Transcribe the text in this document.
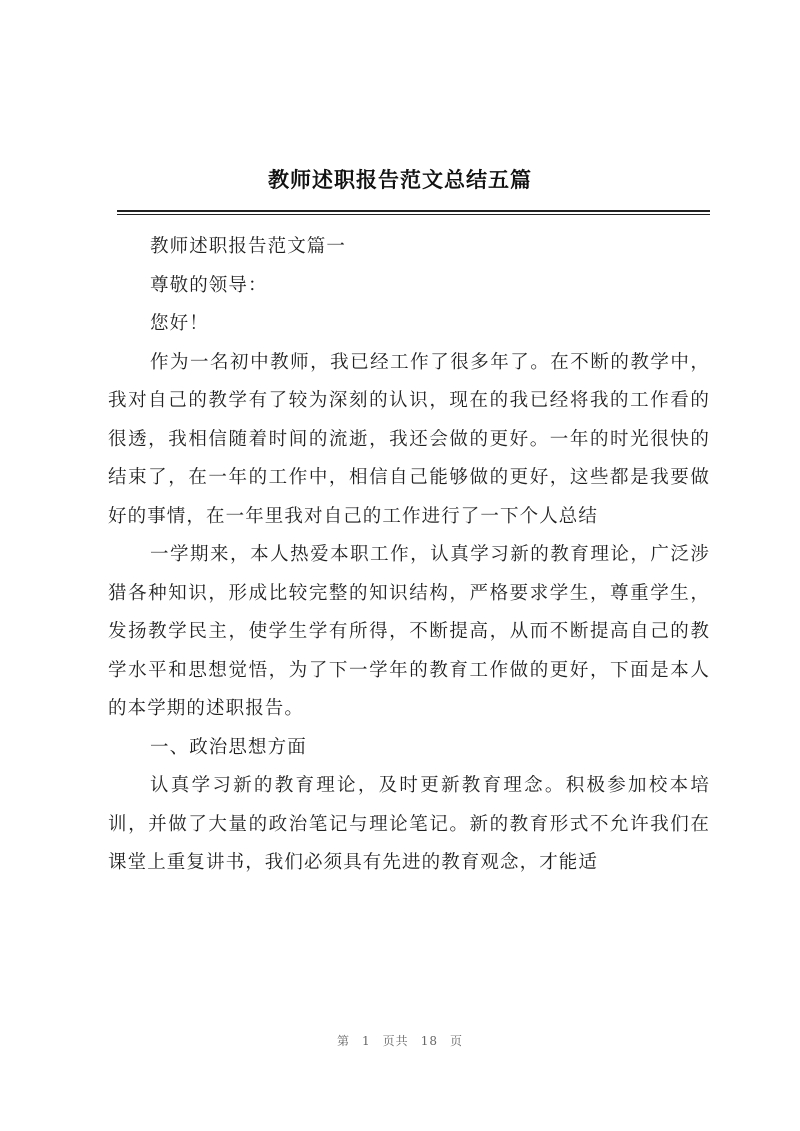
教师述职报告范文总结五篇

教师述职报告范文篇一

尊敬的领导：

您好！

作为一名初中教师，我已经工作了很多年了。在不断的教学中，我对自己的教学有了较为深刻的认识，现在的我已经将我的工作看的很透，我相信随着时间的流逝，我还会做的更好。一年的时光很快的结束了，在一年的工作中，相信自己能够做的更好，这些都是我要做好的事情，在一年里我对自己的工作进行了一下个人总结

一学期来，本人热爱本职工作，认真学习新的教育理论，广泛涉猎各种知识，形成比较完整的知识结构，严格要求学生，尊重学生，发扬教学民主，使学生学有所得，不断提高，从而不断提高自己的教学水平和思想觉悟，为了下一学年的教育工作做的更好，下面是本人的本学期的述职报告。

一、政治思想方面

认真学习新的教育理论，及时更新教育理念。积极参加校本培训，并做了大量的政治笔记与理论笔记。新的教育形式不允许我们在课堂上重复讲书，我们必须具有先进的教育观念，才能适

第 1 页共 18 页
